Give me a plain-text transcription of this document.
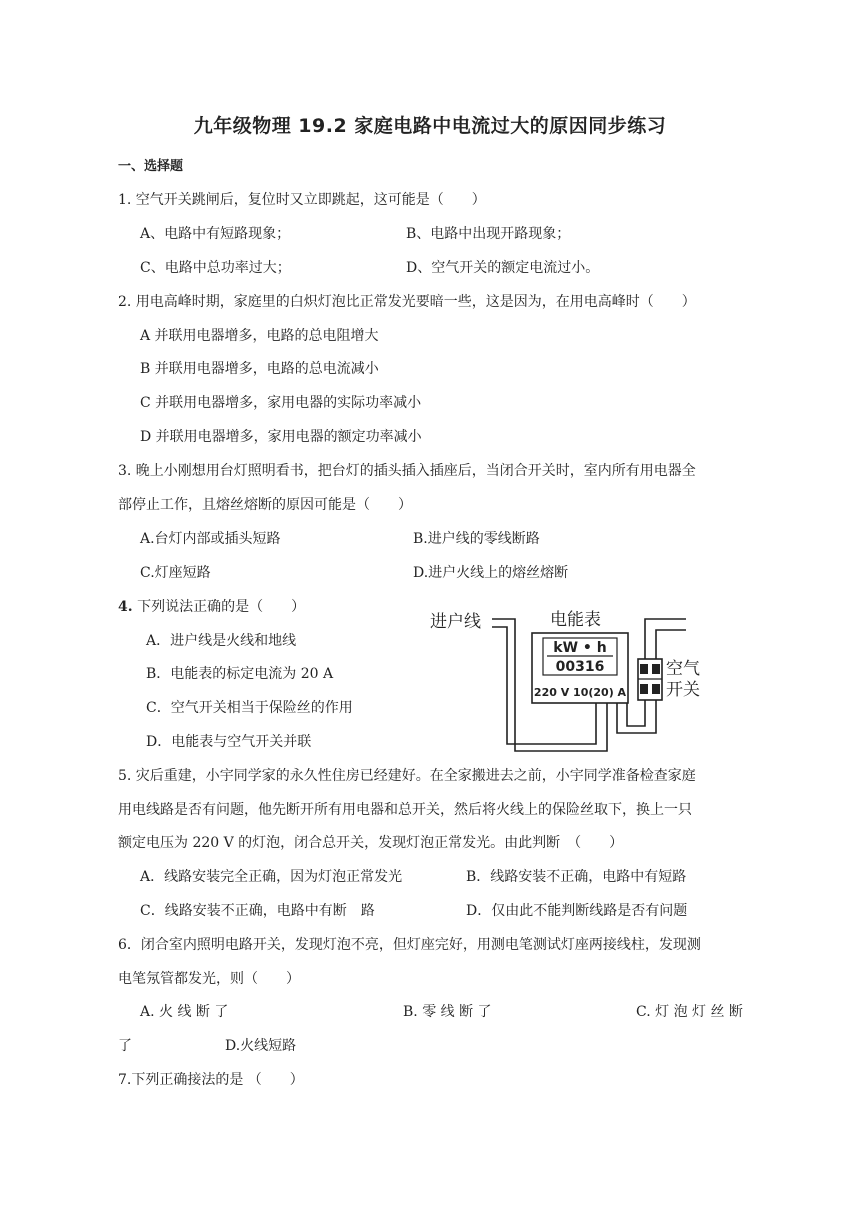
九年级物理 19.2 家庭电路中电流过大的原因同步练习
一、选择题
1. 空气开关跳闸后，复位时又立即跳起，这可能是（　　）
A、电路中有短路现象；	B、电路中出现开路现象；
C、电路中总功率过大；	D、空气开关的额定电流过小。
2. 用电高峰时期，家庭里的白炽灯泡比正常发光要暗一些，这是因为，在用电高峰时（　　）
A 并联用电器增多，电路的总电阻增大
B 并联用电器增多，电路的总电流减小
C 并联用电器增多，家用电器的实际功率减小
D 并联用电器增多，家用电器的额定功率减小
3. 晚上小刚想用台灯照明看书，把台灯的插头插入插座后，当闭合开关时，室内所有用电器全
部停止工作，且熔丝熔断的原因可能是（　　）
A.台灯内部或插头短路	B.进户线的零线断路
C.灯座短路	D.进户火线上的熔丝熔断
4. 下列说法正确的是（　　）
A．进户线是火线和地线
B．电能表的标定电流为 20 A
C．空气开关相当于保险丝的作用
D．电能表与空气开关并联
进户线	电能表
kW • h
00316
220 V 10(20) A
空气
开关
5. 灾后重建，小宇同学家的永久性住房已经建好。在全家搬进去之前，小宇同学准备检查家庭
用电线路是否有问题，他先断开所有用电器和总开关，然后将火线上的保险丝取下，换上一只
额定电压为 220 V 的灯泡，闭合总开关，发现灯泡正常发光。由此判断　（　　）
A．线路安装完全正确，因为灯泡正常发光	B．线路安装不正确，电路中有短路
C．线路安装不正确，电路中有断　路	D．仅由此不能判断线路是否有问题
6．闭合室内照明电路开关，发现灯泡不亮，但灯座完好，用测电笔测试灯座两接线柱，发现测
电笔氖管都发光，则（　　）
A. 火 线 断 了	B. 零 线 断 了	C. 灯 泡 灯 丝 断
了	D.火线短路
7.下列正确接法的是 （　　）
